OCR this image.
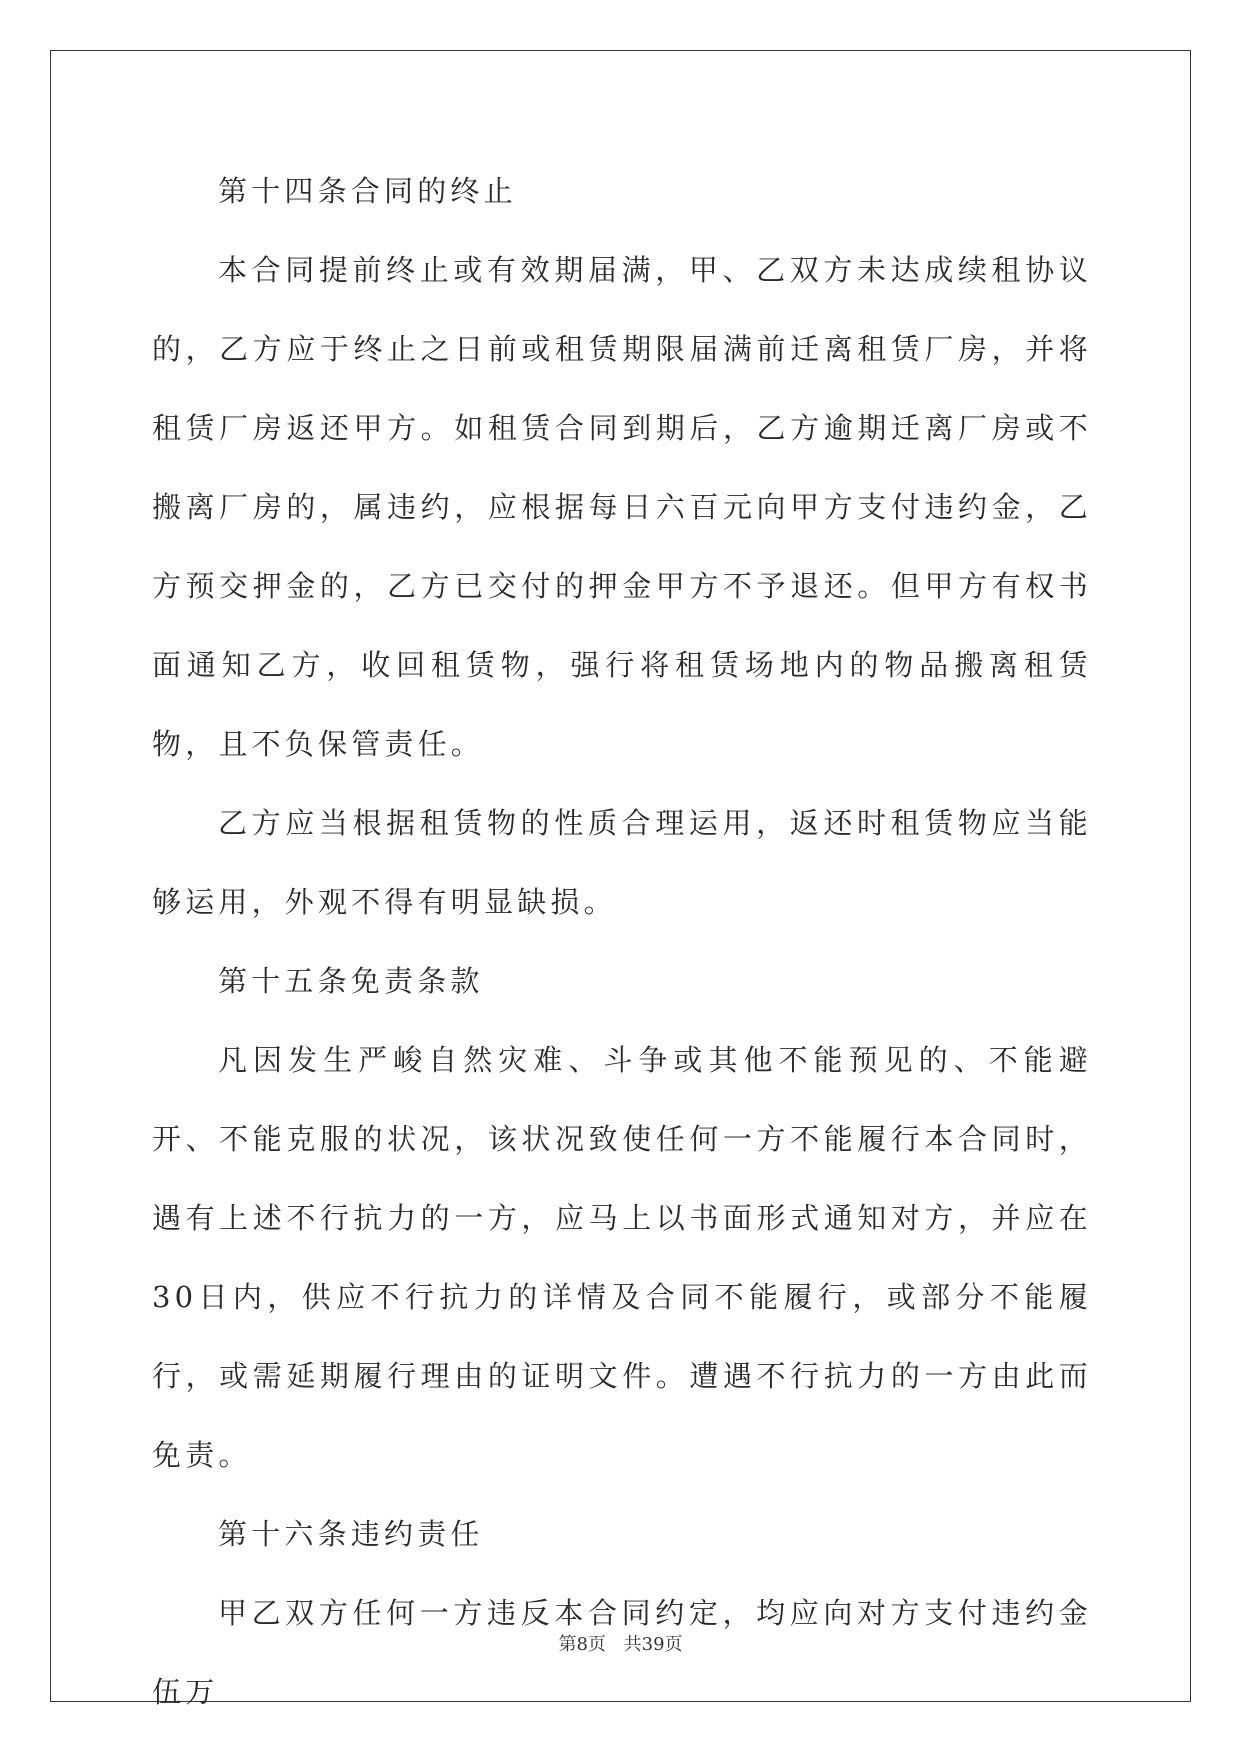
第十四条合同的终止

本合同提前终止或有效期届满，甲、乙双方未达成续租协议的，乙方应于终止之日前或租赁期限届满前迁离租赁厂房，并将租赁厂房返还甲方。如租赁合同到期后，乙方逾期迁离厂房或不搬离厂房的，属违约，应根据每日六百元向甲方支付违约金，乙方预交押金的，乙方已交付的押金甲方不予退还。但甲方有权书面通知乙方，收回租赁物，强行将租赁场地内的物品搬离租赁物，且不负保管责任。

乙方应当根据租赁物的性质合理运用，返还时租赁物应当能够运用，外观不得有明显缺损。

第十五条免责条款

凡因发生严峻自然灾难、斗争或其他不能预见的、不能避开、不能克服的状况，该状况致使任何一方不能履行本合同时，遇有上述不行抗力的一方，应马上以书面形式通知对方，并应在30日内，供应不行抗力的详情及合同不能履行，或部分不能履行，或需延期履行理由的证明文件。遭遇不行抗力的一方由此而免责。

第十六条违约责任

甲乙双方任何一方违反本合同约定，均应向对方支付违约金伍万

第8页 共39页
